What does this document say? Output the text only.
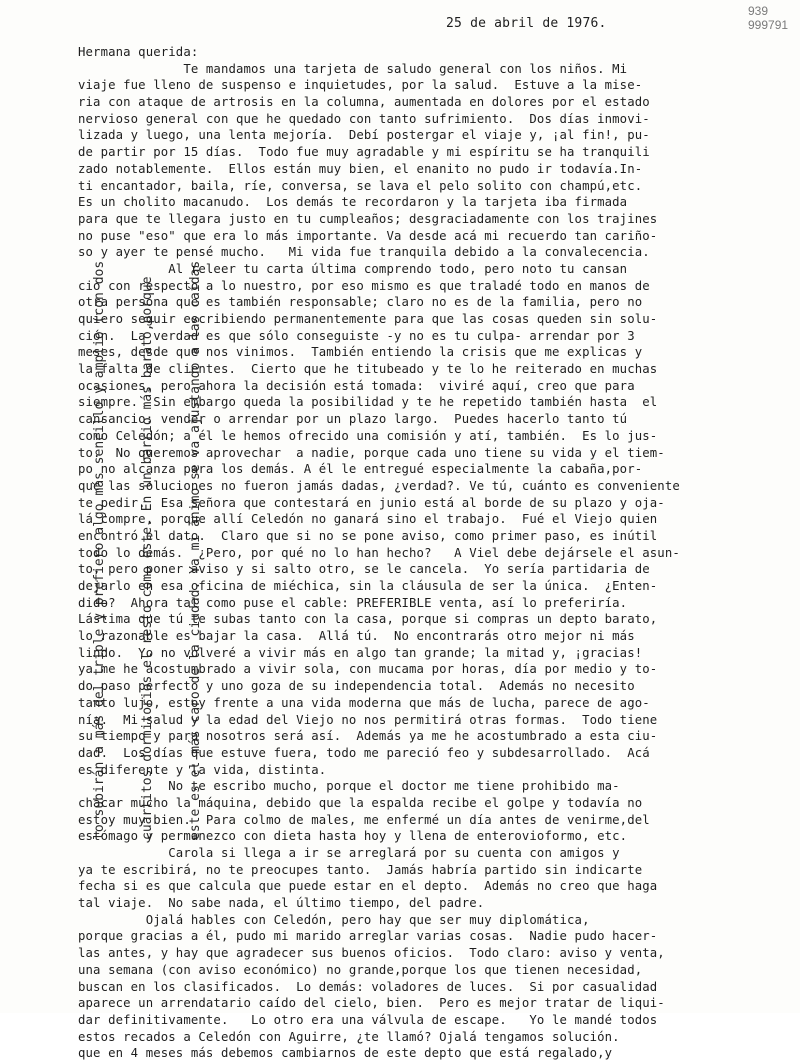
939
999791
25 de abril de 1976.

lo subirán a más del triple y prefiero algo más sencillo y amplio (con dos

	cuartitos dormitorios el resto como este. En un barrio más barato,porque

	este es el más caro de la ciudad. Ya mi ánimo se va ajustando a las caídas

Hermana querida:
Te mandamos una tarjeta de saludo general con los niños. Mi
viaje fue lleno de suspenso e inquietudes, por la salud.  Estuve a la mise-
ria con ataque de artrosis en la columna, aumentada en dolores por el estado
nervioso general con que he quedado con tanto sufrimiento.  Dos días inmovi-
lizada y luego, una lenta mejoría.  Debí postergar el viaje y, ¡al fin!, pu-
de partir por 15 días.  Todo fue muy agradable y mi espíritu se ha tranquili
zado notablemente.  Ellos están muy bien, el enanito no pudo ir todavía.In-
ti encantador, baila, ríe, conversa, se lava el pelo solito con champú,etc.
Es un cholito macanudo.  Los demás te recordaron y la tarjeta iba firmada
para que te llegara justo en tu cumpleaños; desgraciadamente con los trajines
no puse "eso" que era lo más importante. Va desde acá mi recuerdo tan cariño-
so y ayer te pensé mucho.   Mi vida fue tranquila debido a la convalecencia.
Al releer tu carta última comprendo todo, pero noto tu cansan
cio con respecto a lo nuestro, por eso mismo es que traladé todo en manos de
otra persona que es también responsable; claro no es de la familia, pero no
quiero seguir escribiendo permanentemente para que las cosas queden sin solu-
ción.  La verdad es que sólo conseguiste -y no es tu culpa- arrendar por 3
meses, desde que nos vinimos.  También entiendo la crisis que me explicas y
la falta de clientes.  Cierto que he titubeado y te lo he reiterado en muchas
ocasiones, pero ahora la decisión está tomada:  viviré aquí, creo que para
siempre.  Sin embargo queda la posibilidad y te he repetido también hasta  el
cansancio: vender o arrendar por un plazo largo.  Puedes hacerlo tanto tú
como Celedón; a él le hemos ofrecido una comisión y atí, también.  Es lo jus-
to.  No queremos aprovechar  a nadie, porque cada uno tiene su vida y el tiem-
po no alcanza para los demás. A él le entregué especialmente la cabaña,por-
que las soluciones no fueron jamás dadas, ¿verdad?. Ve tú, cuánto es conveniente
te pedir.  Esa señora que contestará en junio está al borde de su plazo y oja-
lá compre, porque allí Celedón no ganará sino el trabajo.  Fué el Viejo quien
encontró el dato.  Claro que si no se pone aviso, como primer paso, es inútil
todo lo demás.  ¿Pero, por qué no lo han hecho?   A Viel debe dejársele el asun-
to, pero poner aviso y si salto otro, se le cancela.  Yo sería partidaria de
dejarlo en esa oficina de miéchica, sin la cláusula de ser la única.  ¿Enten-
dido?  Ahora tal como puse el cable: PREFERIBLE venta, así lo preferiría.
Lástima que tú te subas tanto con la casa, porque si compras un depto barato,
lo razonable es bajar la casa.  Allá tú.  No encontrarás otro mejor ni más
lindo.  Yo no volveré a vivir más en algo tan grande; la mitad y, ¡gracias!
ya me he acostumbrado a vivir sola, con mucama por horas, día por medio y to-
do paso perfecto y uno goza de su independencia total.  Además no necesito
tanto lujo, estoy frente a una vida moderna que más de lucha, parece de ago-
nía.  Mi salud y la edad del Viejo no nos permitirá otras formas.  Todo tiene
su tiempo y para nosotros será así.  Además ya me he acostumbrado a esta ciu-
dad.  Los días que estuve fuera, todo me pareció feo y subdesarrollado.  Acá
es diferente y la vida, distinta.
No te escribo mucho, porque el doctor me tiene prohibido ma-
chacar mucho la máquina, debido que la espalda recibe el golpe y todavía no
estoy muy bien.  Para colmo de males, me enfermé un día antes de venirme,del
estómago y permanezco con dieta hasta hoy y llena de enterovioformo, etc.
Carola si llega a ir se arreglará por su cuenta con amigos y
ya te escribirá, no te preocupes tanto.  Jamás habría partido sin indicarte
fecha si es que calcula que puede estar en el depto.  Además no creo que haga
tal viaje.  No sabe nada, el último tiempo, del padre.
Ojalá hables con Celedón, pero hay que ser muy diplomática,
porque gracias a él, pudo mi marido arreglar varias cosas.  Nadie pudo hacer-
las antes, y hay que agradecer sus buenos oficios.  Todo claro: aviso y venta,
una semana (con aviso económico) no grande,porque los que tienen necesidad,
buscan en los clasificados.  Lo demás: voladores de luces.  Si por casualidad
aparece un arrendatario caído del cielo, bien.  Pero es mejor tratar de liqui-
dar definitivamente.   Lo otro era una válvula de escape.   Yo le mandé todos
estos recados a Celedón con Aguirre, ¿te llamó? Ojalá tengamos solución.
que en 4 meses más debemos cambiarnos de este depto que está regalado,y
